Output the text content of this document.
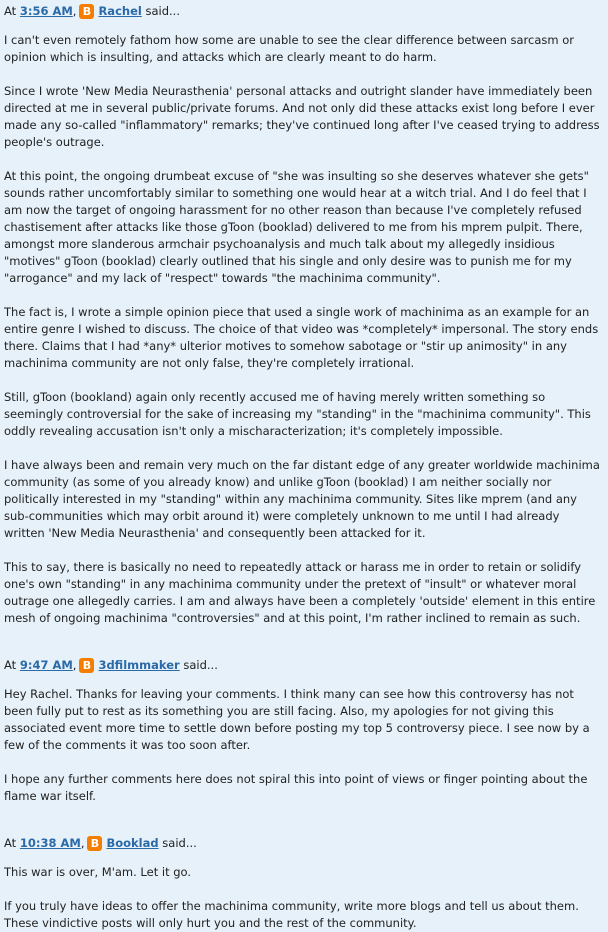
At 3:56 AM , B Rachel
said...

I can't even remotely fathom how some are unable to see the clear difference between sarcasm or opinion which is insulting, and attacks which are clearly meant to do harm.

Since I wrote 'New Media Neurasthenia' personal attacks and outright slander have immediately been directed at me in several public/private forums. And not only did these attacks exist long before I ever made any so-called "inflammatory" remarks; they've continued long after I've ceased trying to address people's outrage.

At this point, the ongoing drumbeat excuse of "she was insulting so she deserves whatever she gets" sounds rather uncomfortably similar to something one would hear at a witch trial. And I do feel that I am now the target of ongoing harassment for no other reason than because I've completely refused chastisement after attacks like those gToon (booklad) delivered to me from his mprem pulpit. There, amongst more slanderous armchair psychoanalysis and much talk about my allegedly insidious "motives" gToon (booklad) clearly outlined that his single and only desire was to punish me for my "arrogance" and my lack of "respect" towards "the machinima community".

The fact is, I wrote a simple opinion piece that used a single work of machinima as an example for an entire genre I wished to discuss. The choice of that video was *completely* impersonal. The story ends there. Claims that I had *any* ulterior motives to somehow sabotage or "stir up animosity" in any machinima community are not only false, they're completely irrational.

Still, gToon (bookland) again only recently accused me of having merely written something so seemingly controversial for the sake of increasing my "standing" in the "machinima community". This oddly revealing accusation isn't only a mischaracterization; it's completely impossible.

I have always been and remain very much on the far distant edge of any greater worldwide machinima community (as some of you already know) and unlike gToon (booklad) I am neither socially nor politically interested in my "standing" within any machinima community. Sites like mprem (and any sub-communities which may orbit around it) were completely unknown to me until I had already written 'New Media Neurasthenia' and consequently been attacked for it.

This to say, there is basically no need to repeatedly attack or harass me in order to retain or solidify one's own "standing" in any machinima community under the pretext of "insult" or whatever moral outrage one allegedly carries. I am and always have been a completely 'outside' element in this entire mesh of ongoing machinima "controversies" and at this point, I'm rather inclined to remain as such.

At 9:47 AM , B 3dfilmmaker
said...

Hey Rachel. Thanks for leaving your comments. I think many can see how this controversy has not been fully put to rest as its something you are still facing. Also, my apologies for not giving this associated event more time to settle down before posting my top 5 controversy piece. I see now by a few of the comments it was too soon after.

I hope any further comments here does not spiral this into point of views or finger pointing about the flame war itself.

At 10:38 AM , B Booklad
said...

This war is over, M'am. Let it go.

If you truly have ideas to offer the machinima community, write more blogs and tell us about them. These vindictive posts will only hurt you and the rest of the community.
